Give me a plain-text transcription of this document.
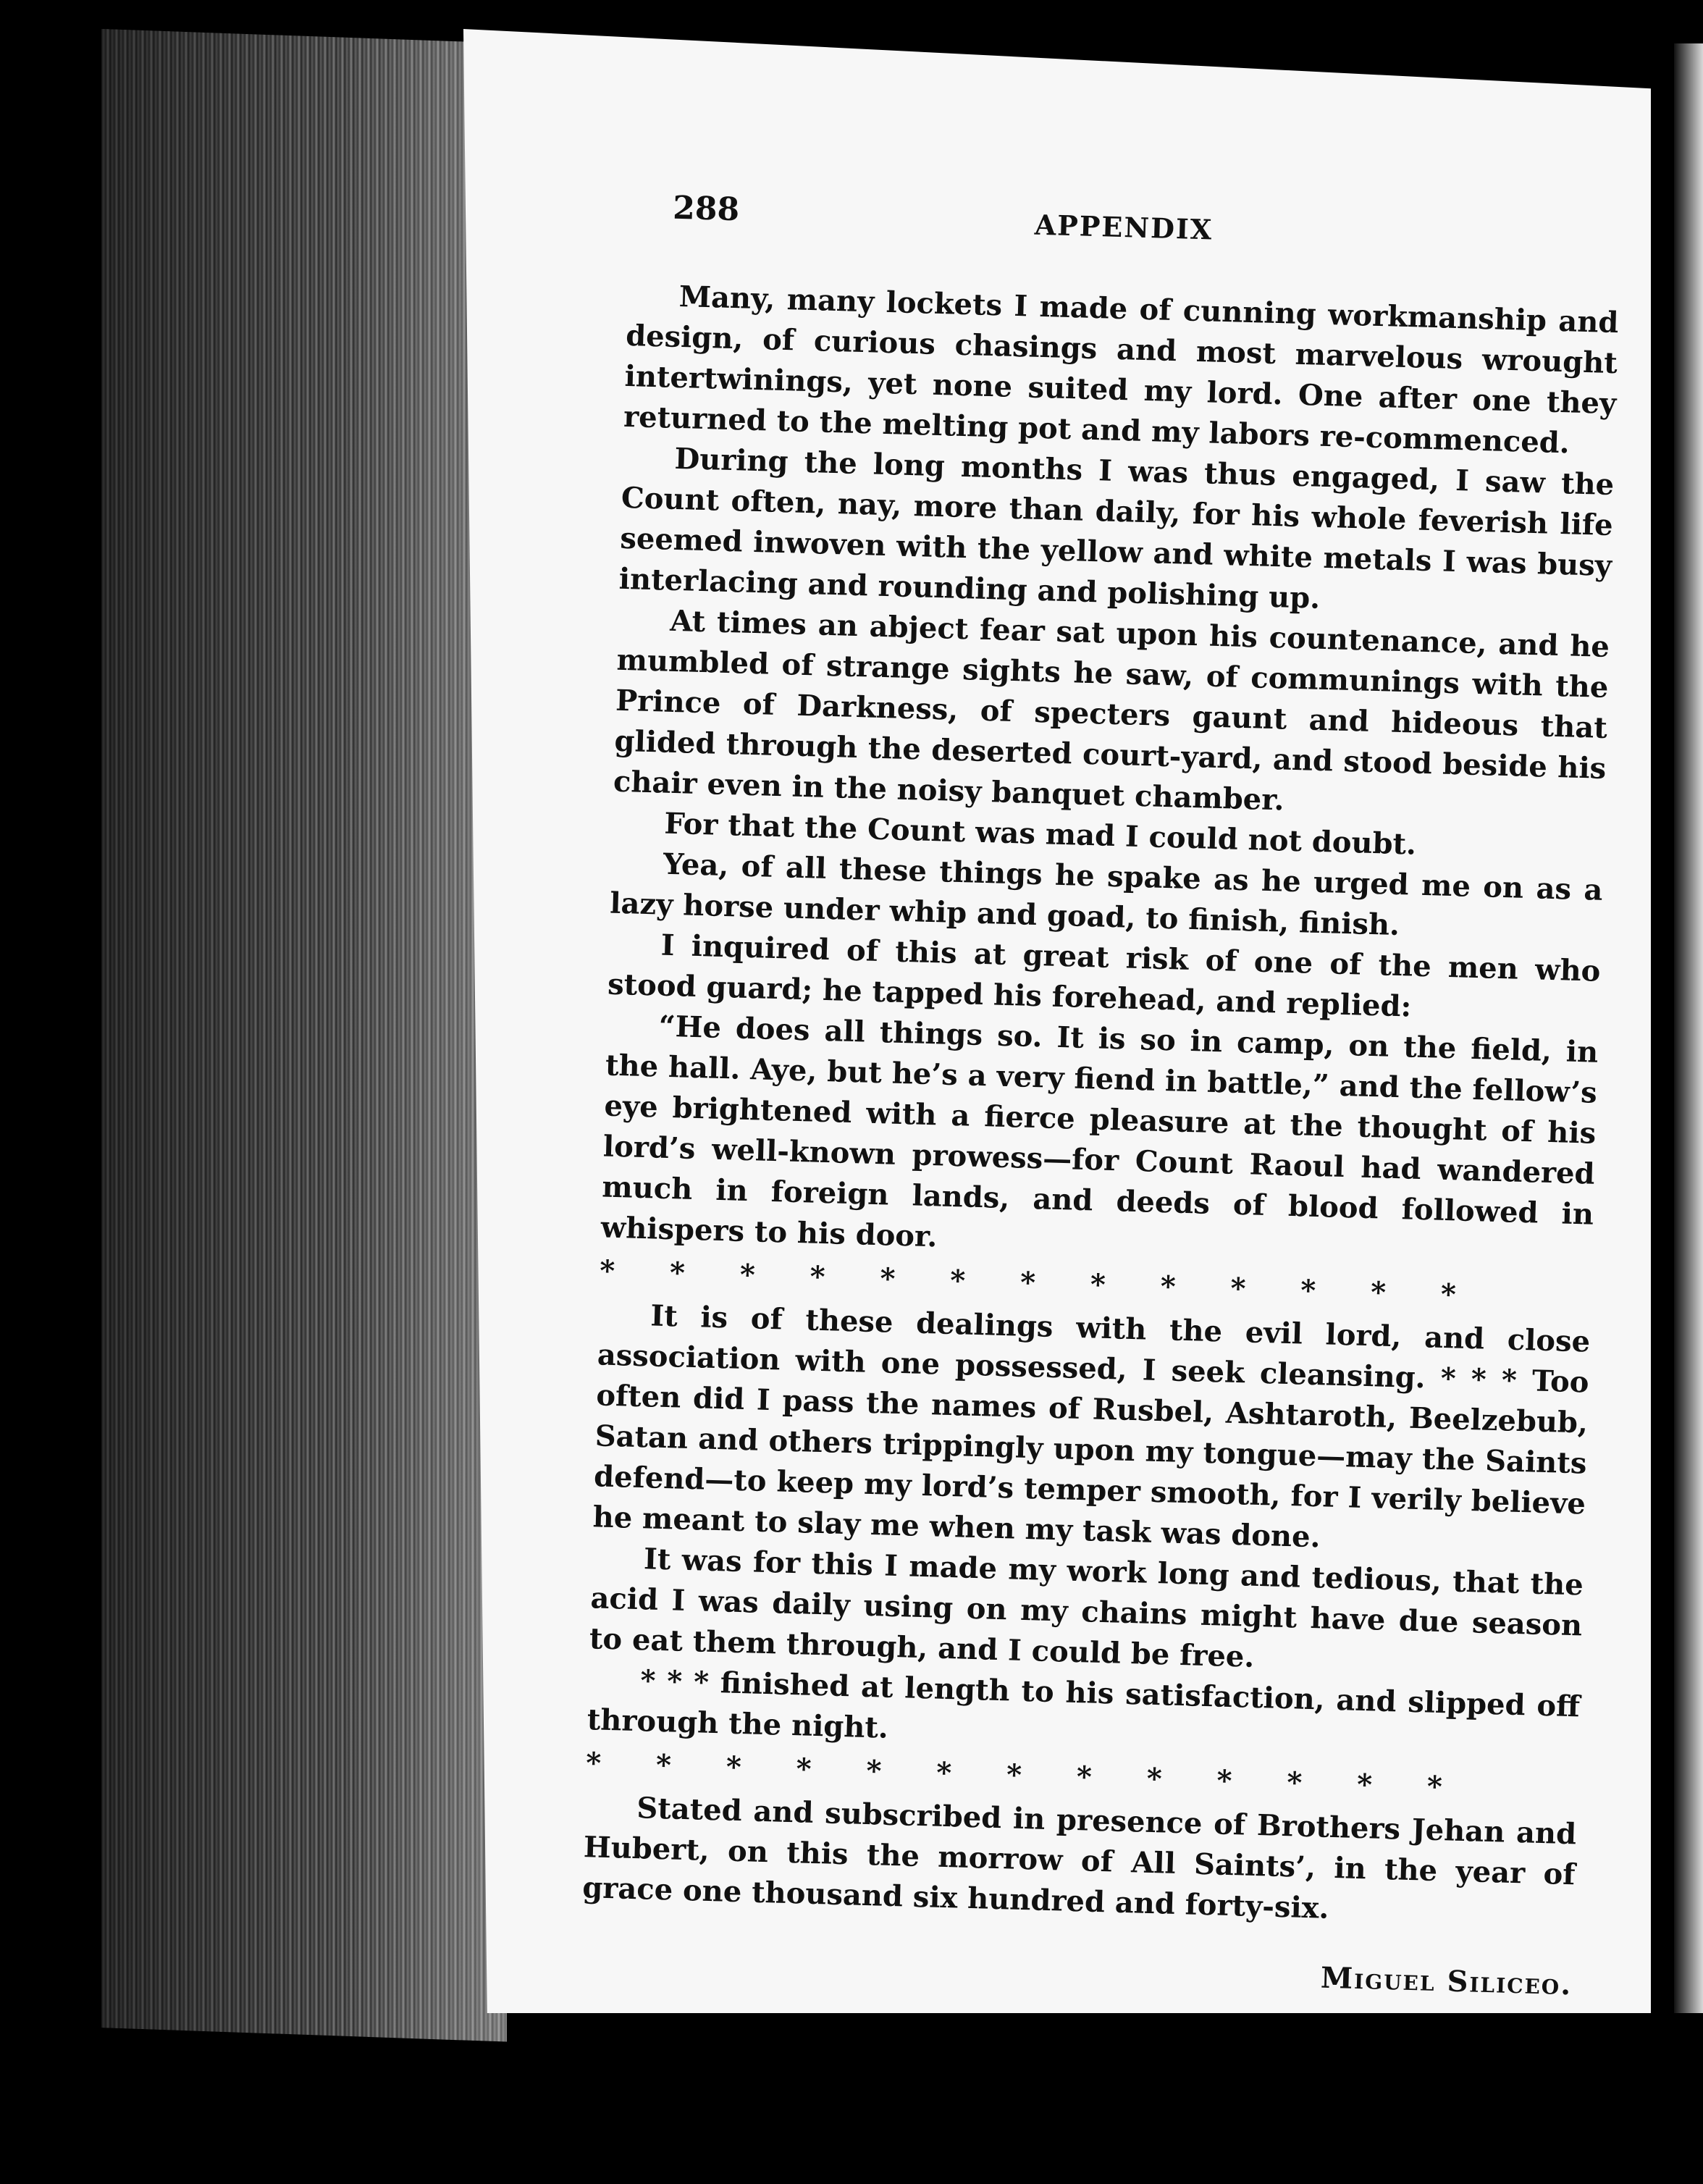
288	APPENDIX

Many, many lockets I made of cunning workmanship and design, of curious chasings and most marvelous wrought intertwinings, yet none suited my lord. One after one they returned to the melting pot and my labors re-commenced.

During the long months I was thus engaged, I saw the Count often, nay, more than daily, for his whole feverish life seemed inwoven with the yellow and white metals I was busy interlacing and rounding and polishing up.

At times an abject fear sat upon his countenance, and he mumbled of strange sights he saw, of communings with the Prince of Darkness, of specters gaunt and hideous that glided through the deserted court-yard, and stood beside his chair even in the noisy banquet chamber.

For that the Count was mad I could not doubt.

Yea, of all these things he spake as he urged me on as a lazy horse under whip and goad, to finish, finish.

I inquired of this at great risk of one of the men who stood guard; he tapped his forehead, and replied:

“He does all things so. It is so in camp, on the field, in the hall. Aye, but he’s a very fiend in battle,” and the fellow’s eye brightened with a fierce pleasure at the thought of his lord’s well-known prowess—for Count Raoul had wandered much in foreign lands, and deeds of blood followed in whispers to his door.

* * * * * * * * * * * * *

It is of these dealings with the evil lord, and close association with one possessed, I seek cleansing. * * * Too often did I pass the names of Rusbel, Ashtaroth, Beelzebub, Satan and others trippingly upon my tongue—may the Saints defend—to keep my lord’s temper smooth, for I verily believe he meant to slay me when my task was done.

It was for this I made my work long and tedious, that the acid I was daily using on my chains might have due season to eat them through, and I could be free.

* * * finished at length to his satisfaction, and slipped off through the night.

* * * * * * * * * * * * *

Stated and subscribed in presence of Brothers Jehan and Hubert, on this the morrow of All Saints’, in the year of grace one thousand six hundred and forty-six.

Miguel Siliceo.
